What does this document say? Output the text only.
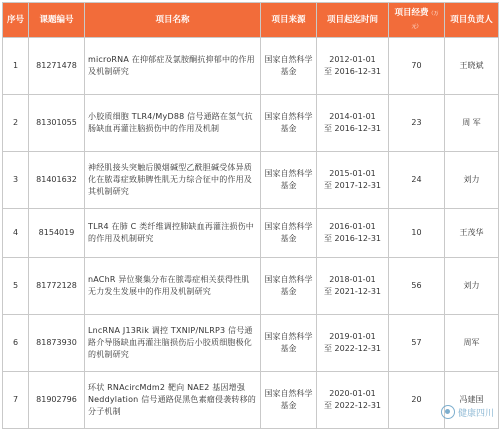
序号	课题编号	项目名称	项目来源	项目起迄时间	项目经费（万元）	项目负责人
1	81271478	microRNA 在抑郁症及氯胺酮抗抑郁中的作用及机制研究	国家自然科学基金	2012-01-01
至 2016-12-31	70	王晓斌
2	81301055	小胶质细胞 TLR4/MyD88 信号通路在氢气抗肠缺血再灌注脑损伤中的作用及机制	国家自然科学基金	2014-01-01
至 2016-12-31	23	周 军
3	81401632	神经肌接头突触后膜烟碱型乙酰胆碱受体异质化在脓毒症致肺脾性肌无力综合征中的作用及其机制研究	国家自然科学基金	2015-01-01
至 2017-12-31	24	刘力
4	8154019	TLR4 在肺 C 类纤维调控肺缺血再灌注损伤中的作用及机制研究	国家自然科学基金	2016-01-01
至 2016-12-31	10	王茂华
5	81772128	nAChR 异位聚集分布在脓毒症相关获得性肌无力发生发展中的作用及机制研究	国家自然科学基金	2018-01-01
至 2021-12-31	56	刘力
6	81873930	LncRNA J13Rik 调控 TXNIP/NLRP3 信号通路介导肠缺血再灌注脑损伤后小胶质细胞极化的机制研究	国家自然科学基金	2019-01-01
至 2022-12-31	57	周军
7	81902796	环状 RNAcircMdm2 靶向 NAE2 基因增强 Neddylation 信号通路促黑色素瘤侵袭转移的分子机制	国家自然科学基金	2020-01-01
至 2022-12-31	20	冯建国
健康四川
